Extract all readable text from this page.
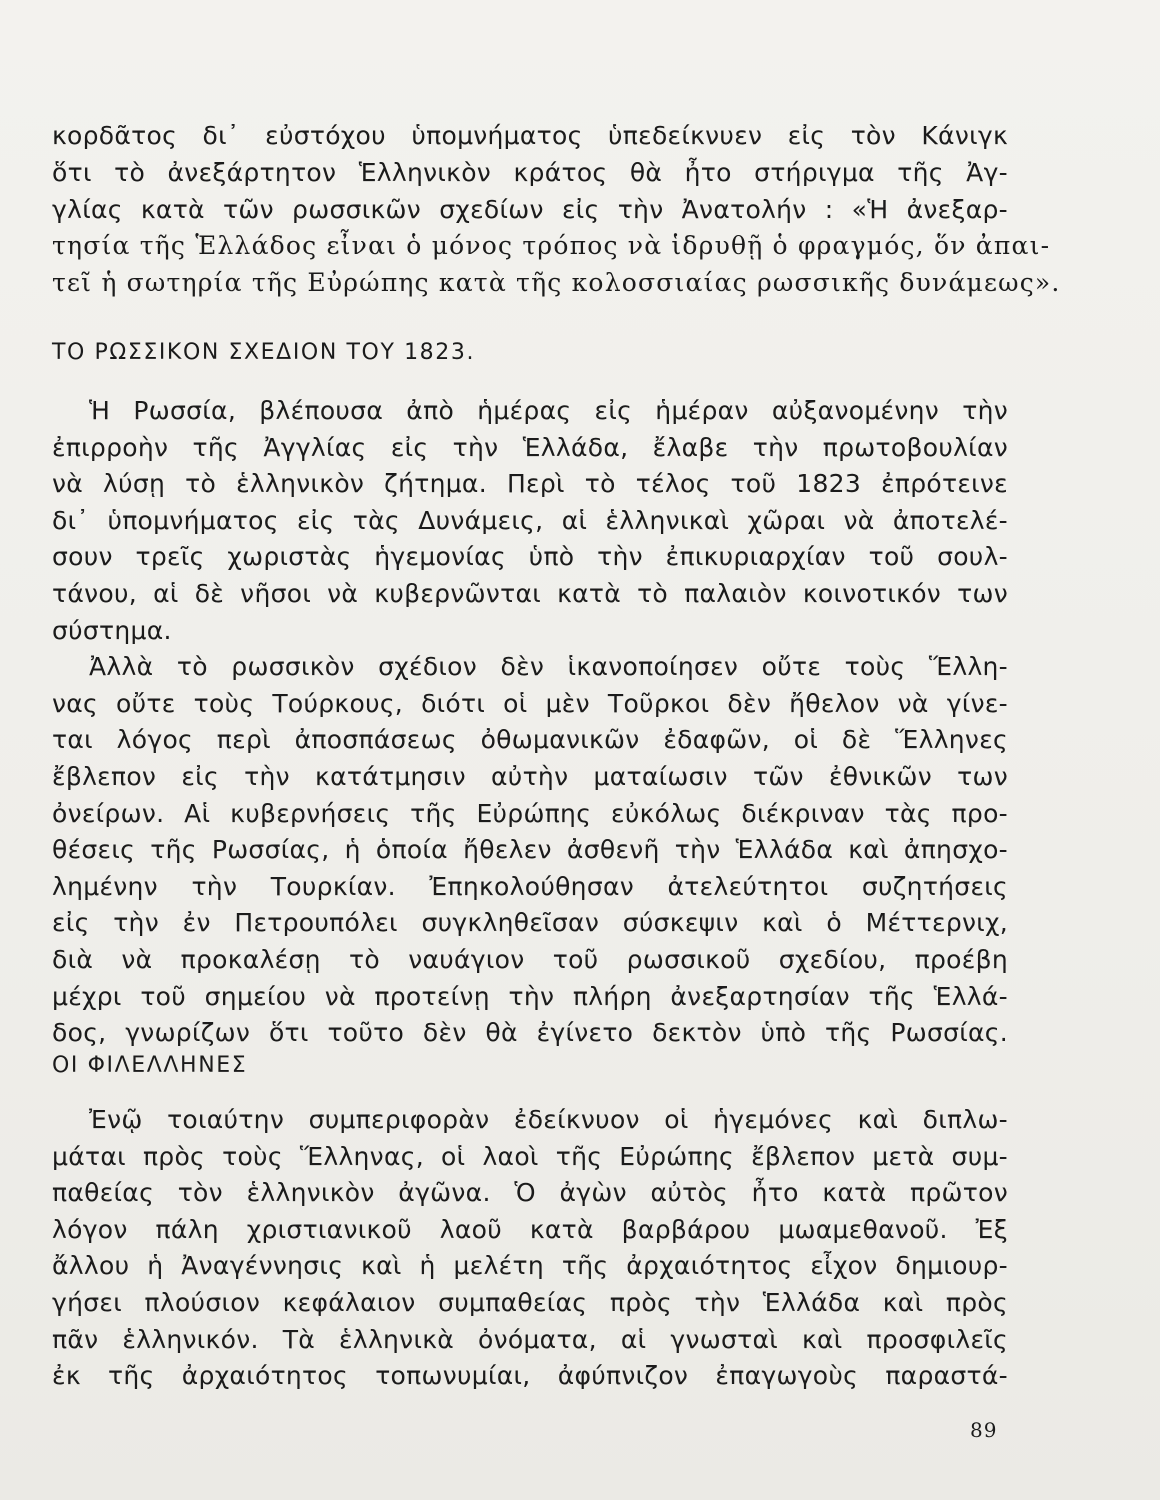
κορδᾶτος δι᾽ εὐστόχου ὑπομνήματος ὑπεδείκνυεν εἰς τὸν Κάνιγκ
ὅτι τὸ ἀνεξάρτητον Ἑλληνικὸν κράτος θὰ ἦτο στήριγμα τῆς Ἀγ-
γλίας κατὰ τῶν ρωσσικῶν σχεδίων εἰς τὴν Ἀνατολήν : «Ἡ ἀνεξαρ-
τησία τῆς Ἑλλάδος εἶναι ὁ μόνος τρόπος νὰ ἱδρυθῇ ὁ φραγμός, ὅν ἀπαι-
τεῖ ἡ σωτηρία τῆς Εὐρώπης κατὰ τῆς κολοσσιαίας ρωσσικῆς δυνάμεως».
ΤΟ ΡΩΣΣΙΚΟΝ ΣΧΕΔΙΟΝ ΤΟΥ 1823.
Ἡ Ρωσσία, βλέπουσα ἀπὸ ἡμέρας εἰς ἡμέραν αὐξανομένην τὴν
ἐπιρροὴν τῆς Ἀγγλίας εἰς τὴν Ἑλλάδα, ἔλαβε τὴν πρωτοβουλίαν
νὰ λύσῃ τὸ ἑλληνικὸν ζήτημα. Περὶ τὸ τέλος τοῦ 1823 ἐπρότεινε
δι᾽ ὑπομνήματος εἰς τὰς Δυνάμεις, αἱ ἑλληνικαὶ χῶραι νὰ ἀποτελέ-
σουν τρεῖς χωριστὰς ἡγεμονίας ὑπὸ τὴν ἐπικυριαρχίαν τοῦ σουλ-
τάνου, αἱ δὲ νῆσοι νὰ κυβερνῶνται κατὰ τὸ παλαιὸν κοινοτικόν των
σύστημα.
Ἀλλὰ τὸ ρωσσικὸν σχέδιον δὲν ἱκανοποίησεν οὔτε τοὺς Ἕλλη-
νας οὔτε τοὺς Τούρκους, διότι οἱ μὲν Τοῦρκοι δὲν ἤθελον νὰ γίνε-
ται λόγος περὶ ἀποσπάσεως ὀθωμανικῶν ἐδαφῶν, οἱ δὲ Ἕλληνες
ἔβλεπον εἰς τὴν κατάτμησιν αὐτὴν ματαίωσιν τῶν ἐθνικῶν των
ὀνείρων. Αἱ κυβερνήσεις τῆς Εὐρώπης εὐκόλως διέκριναν τὰς προ-
θέσεις τῆς Ρωσσίας, ἡ ὁποία ἤθελεν ἀσθενῆ τὴν Ἑλλάδα καὶ ἀπησχο-
λημένην τὴν Τουρκίαν. Ἐπηκολούθησαν ἀτελεύτητοι συζητήσεις
εἰς τὴν ἐν Πετρουπόλει συγκληθεῖσαν σύσκεψιν καὶ ὁ Μέττερνιχ,
διὰ νὰ προκαλέσῃ τὸ ναυάγιον τοῦ ρωσσικοῦ σχεδίου, προέβη
μέχρι τοῦ σημείου νὰ προτείνῃ τὴν πλήρη ἀνεξαρτησίαν τῆς Ἑλλά-
δος, γνωρίζων ὅτι τοῦτο δὲν θὰ ἐγίνετο δεκτὸν ὑπὸ τῆς Ρωσσίας.
ΟΙ ΦΙΛΕΛΛΗΝΕΣ
Ἐνῷ τοιαύτην συμπεριφορὰν ἐδείκνυον οἱ ἡγεμόνες καὶ διπλω-
μάται πρὸς τοὺς Ἕλληνας, οἱ λαοὶ τῆς Εὐρώπης ἔβλεπον μετὰ συμ-
παθείας τὸν ἑλληνικὸν ἀγῶνα. Ὁ ἀγὼν αὐτὸς ἦτο κατὰ πρῶτον
λόγον πάλη χριστιανικοῦ λαοῦ κατὰ βαρβάρου μωαμεθανοῦ. Ἐξ
ἄλλου ἡ Ἀναγέννησις καὶ ἡ μελέτη τῆς ἀρχαιότητος εἶχον δημιουρ-
γήσει πλούσιον κεφάλαιον συμπαθείας πρὸς τὴν Ἑλλάδα καὶ πρὸς
πᾶν ἑλληνικόν. Τὰ ἑλληνικὰ ὀνόματα, αἱ γνωσταὶ καὶ προσφιλεῖς
ἐκ τῆς ἀρχαιότητος τοπωνυμίαι, ἀφύπνιζον ἐπαγωγοὺς παραστά-
89
